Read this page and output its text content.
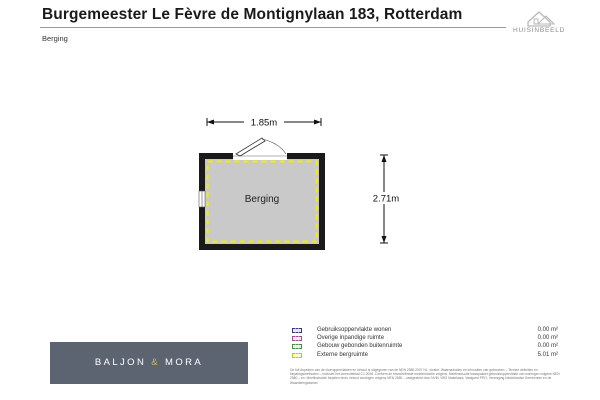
Burgemeester Le Fèvre de Montignylaan 183, Rotterdam
HUISINBEELD
Berging
1.85m
2.71m
Berging
Gebruiksoppervlakte wonen	0.00 m²
Overige inpandige ruimte	0.00 m²
Gebouw gebonden buitenruimte	0.00 m²
Externe bergruimte	5.01 m²
De full Aspekten van de vloeroppervlakten en inhoud is uitgegeven van de NEN 2580:2007 NL, vloeke. Waarnaduiden en inhoudten van gebouwen – Termen definities en bepalingsmethoden – inclusief het correctieblad C1:2008. Conform de branchebrede meetinstructie volgens. Meetinstructie basispakket gebruiksoppervlakte van woningen volgens NEN 2580 – en. Meetinstructie bepalen bruto inhoud woningen volgens NEN 2580 – vastgesteld door NVM, VBO Makelaars, Vastgoed PRO, Vereniging Nederlandse Gemeenten en de Waarderingskamer.
BALJON & MORA
